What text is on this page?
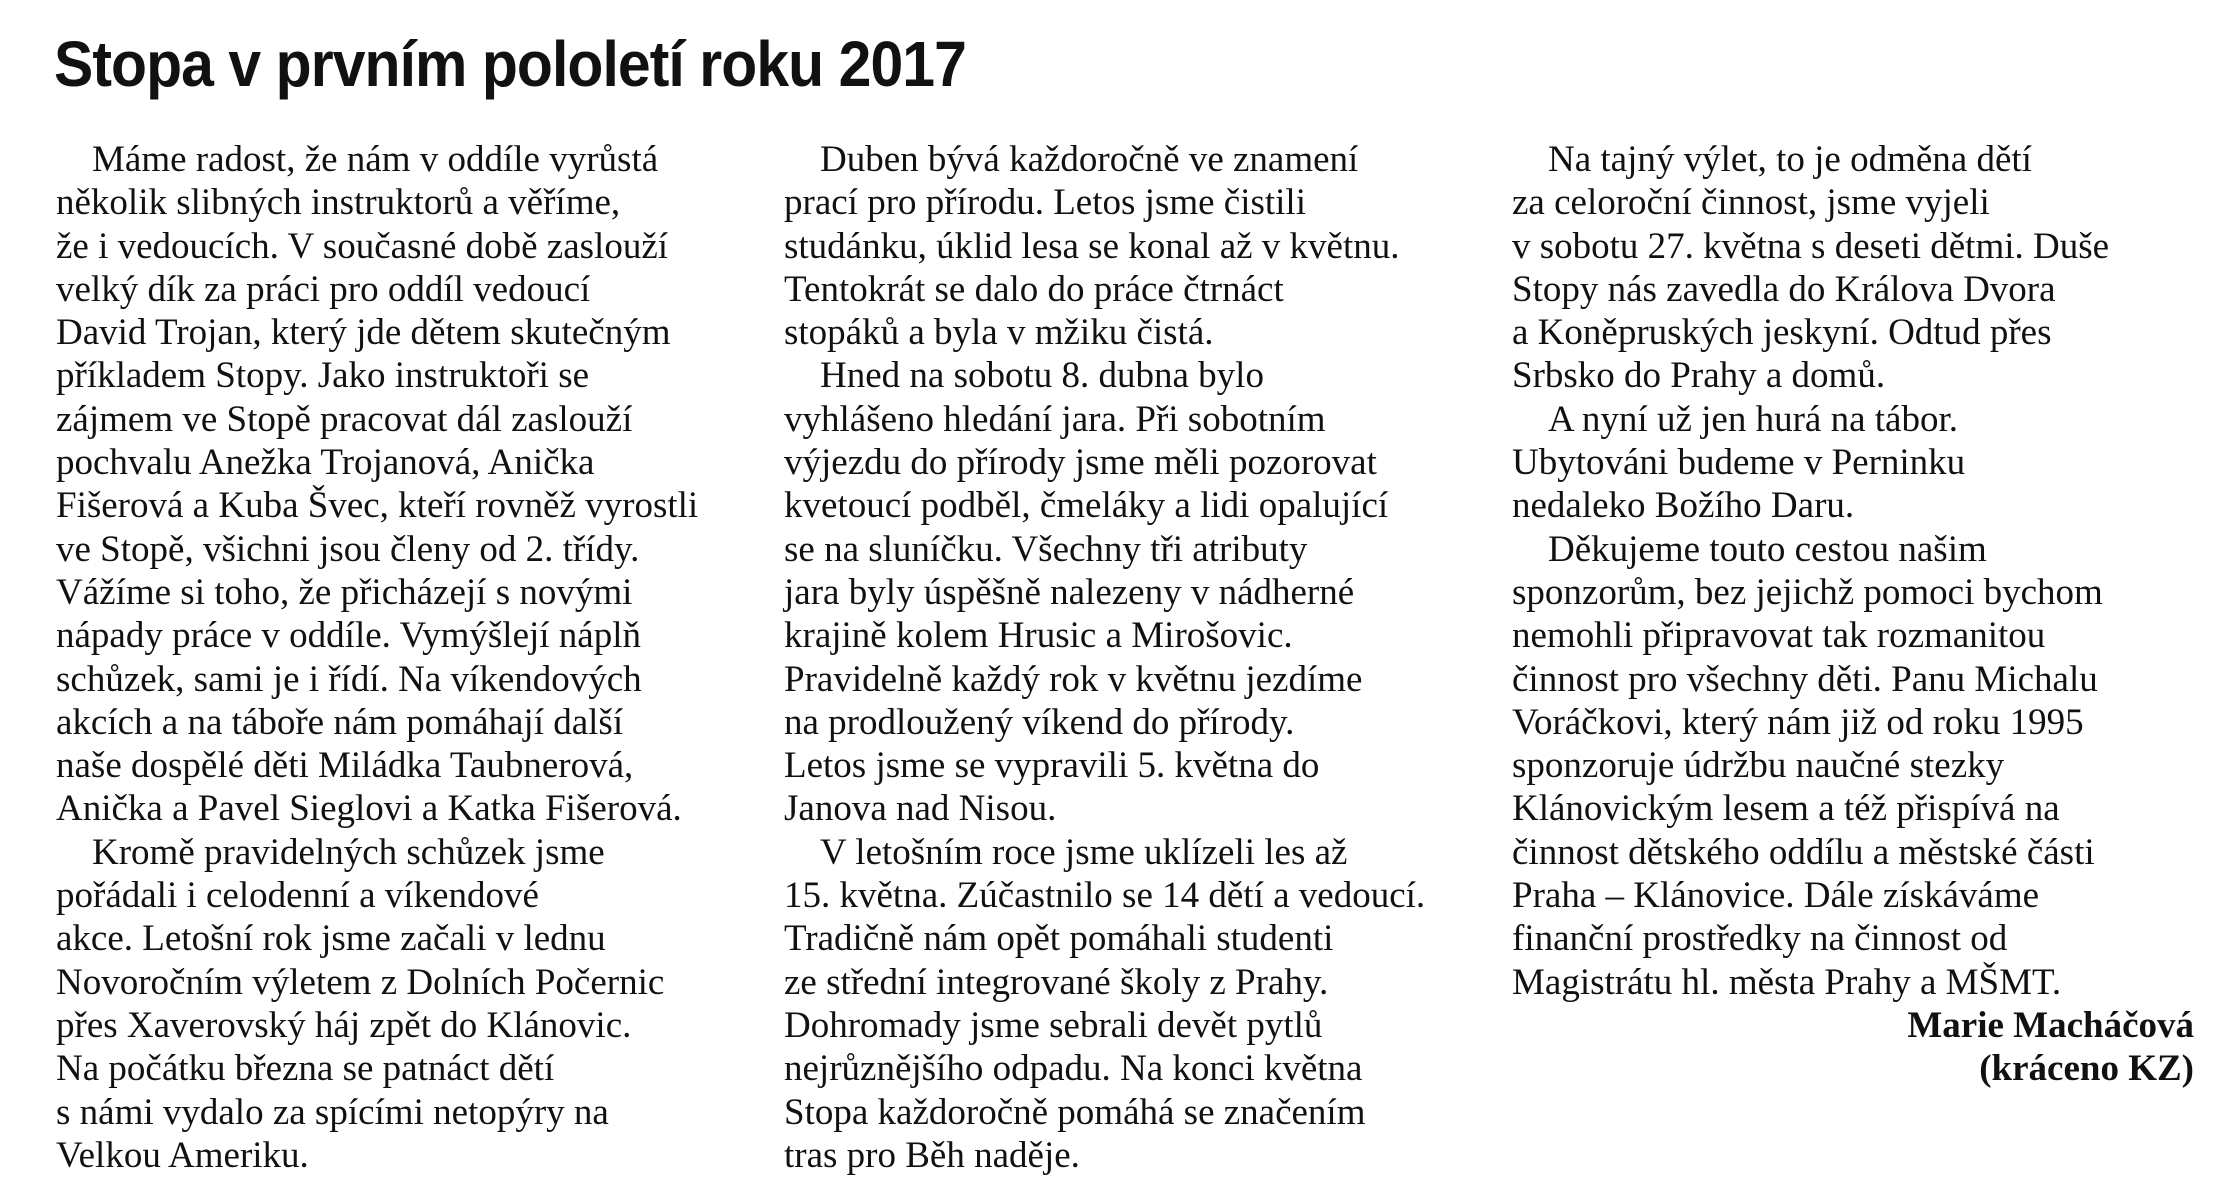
Stopa v prvním pololetí roku 2017
Máme radost, že nám v oddíle vyrůstá
několik slibných instruktorů a věříme,
že i vedoucích. V současné době zaslouží
velký dík za práci pro oddíl vedoucí
David Trojan, který jde dětem skutečným
příkladem Stopy. Jako instruktoři se
zájmem ve Stopě pracovat dál zaslouží
pochvalu Anežka Trojanová, Anička
Fišerová a Kuba Švec, kteří rovněž vyrostli
ve Stopě, všichni jsou členy od 2. třídy.
Vážíme si toho, že přicházejí s novými
nápady práce v oddíle. Vymýšlejí náplň
schůzek, sami je i řídí. Na víkendových
akcích a na táboře nám pomáhají další
naše dospělé děti Miládka Taubnerová,
Anička a Pavel Sieglovi a Katka Fišerová.
Kromě pravidelných schůzek jsme
pořádali i celodenní a víkendové
akce. Letošní rok jsme začali v lednu
Novoročním výletem z Dolních Počernic
přes Xaverovský háj zpět do Klánovic.
Na počátku března se patnáct dětí
s námi vydalo za spícími netopýry na
Velkou Ameriku.
Duben bývá každoročně ve znamení
prací pro přírodu. Letos jsme čistili
studánku, úklid lesa se konal až v květnu.
Tentokrát se dalo do práce čtrnáct
stopáků a byla v mžiku čistá.
Hned na sobotu 8. dubna bylo
vyhlášeno hledání jara. Při sobotním
výjezdu do přírody jsme měli pozorovat
kvetoucí podběl, čmeláky a lidi opalující
se na sluníčku. Všechny tři atributy
jara byly úspěšně nalezeny v nádherné
krajině kolem Hrusic a Mirošovic.
Pravidelně každý rok v květnu jezdíme
na prodloužený víkend do přírody.
Letos jsme se vypravili 5. května do
Janova nad Nisou.
V letošním roce jsme uklízeli les až
15. května. Zúčastnilo se 14 dětí a vedoucí.
Tradičně nám opět pomáhali studenti
ze střední integrované školy z Prahy.
Dohromady jsme sebrali devět pytlů
nejrůznějšího odpadu. Na konci května
Stopa každoročně pomáhá se značením
tras pro Běh naděje.
Na tajný výlet, to je odměna dětí
za celoroční činnost, jsme vyjeli
v sobotu 27. května s deseti dětmi. Duše
Stopy nás zavedla do Králova Dvora
a Koněpruských jeskyní. Odtud přes
Srbsko do Prahy a domů.
A nyní už jen hurá na tábor.
Ubytováni budeme v Perninku
nedaleko Božího Daru.
Děkujeme touto cestou našim
sponzorům, bez jejichž pomoci bychom
nemohli připravovat tak rozmanitou
činnost pro všechny děti. Panu Michalu
Voráčkovi, který nám již od roku 1995
sponzoruje údržbu naučné stezky
Klánovickým lesem a též přispívá na
činnost dětského oddílu a městské části
Praha – Klánovice. Dále získáváme
finanční prostředky na činnost od
Magistrátu hl. města Prahy a MŠMT.
Marie Macháčová
(kráceno KZ)
